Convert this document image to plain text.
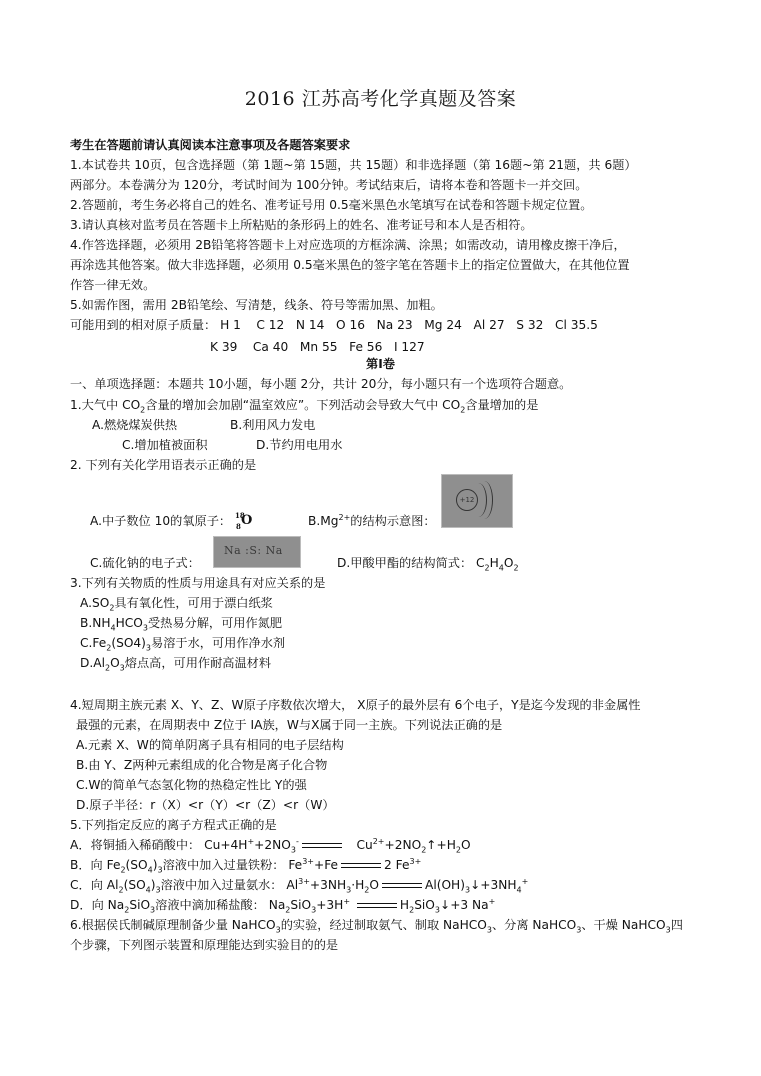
2016 江苏高考化学真题及答案
考生在答题前请认真阅读本注意事项及各题答案要求
1.本试卷共 10页，包含选择题（第 1题~第 15题，共 15题）和非选择题（第 16题~第 21题，共 6题）
两部分。本卷满分为 120分，考试时间为 100分钟。考试结束后，请将本卷和答题卡一并交回。
2.答题前，考生务必将自己的姓名、准考证号用 0.5毫米黑色水笔填写在试卷和答题卡规定位置。
3.请认真核对监考员在答题卡上所粘贴的条形码上的姓名、准考证号和本人是否相符。
4.作答选择题，必须用 2B铅笔将答题卡上对应选项的方框涂满、涂黑；如需改动，请用橡皮擦干净后，
再涂选其他答案。做大非选择题，必须用 0.5毫米黑色的签字笔在答题卡上的指定位置做大，在其他位置
作答一律无效。
5.如需作图，需用 2B铅笔绘、写清楚，线条、符号等需加黑、加粗。
可能用到的相对原子质量： H 1    C 12   N 14   O 16   Na 23   Mg 24   Al 27   S 32   Cl 35.5
K 39    Ca 40   Mn 55   Fe 56   I 127
第Ⅰ卷
一、单项选择题：本题共 10小题，每小题 2分，共计 20分，每小题只有一个选项符合题意。
1.大气中 $CO_2$含量的增加会加剧“温室效应”。下列活动会导致大气中 $CO_2$含量增加的是
A.燃烧煤炭供热	B.利用风力发电
C.增加植被面积	D.节约用电用水
2. 下列有关化学用语表示正确的是
A.中子数位 10的氧原子： 18
8 O	$B.Mg^{2+}$的结构示意图：
+12
C.硫化钠的电子式：
Na :S: Na
D.甲酸甲酯的结构简式： $C_2H_4O_2$
3.下列有关物质的性质与用途具有对应关系的是
$A.SO_2$具有氧化性，可用于漂白纸浆
$B.NH_4HCO_3$受热易分解，可用作氮肥
$C.Fe_2(SO4)_3$易溶于水，可用作净水剂
$D.Al_2O_3$熔点高，可用作耐高温材料
4.短周期主族元素 X、Y、Z、W原子序数依次增大， X原子的最外层有 6个电子，Y是迄今发现的非金属性
最强的元素，在周期表中 Z位于 IA族，W与X属于同一主族。下列说法正确的是
A.元素 X、W的简单阴离子具有相同的电子层结构
B.由 Y、Z两种元素组成的化合物是离子化合物
C.W的简单气态氢化物的热稳定性比 Y的强
D.原子半径：r（X）<r（Y）<r（Z）<r（W）
5.下列指定反应的离子方程式正确的是
A．将铜插入稀硝酸中： $Cu+4H^++2NO_3^-$	$Cu^{2+}+2NO_2↑+H_2O$
B．向 $Fe_2(SO_4)_3$溶液中加入过量铁粉： $Fe^{3+}+Fe$	2 $Fe^{3+}$
C．向 $Al_2(SO_4)_3$溶液中加入过量氨水： $Al^{3+}+3NH_3\cdot H_2O$	$Al(OH)_3↓+3NH_4^+$
D．向 $Na_2SiO_3$溶液中滴加稀盐酸： $Na_2SiO_3+3H^+$	$H_2SiO_3↓+3$ Na+
6.根据侯氏制碱原理制备少量 NaHCO$_3$的实验，经过制取氨气、制取 NaHCO$_3$、分离 NaHCO$_3$、干燥 NaHCO$_3$四
个步骤，下列图示装置和原理能达到实验目的的是
